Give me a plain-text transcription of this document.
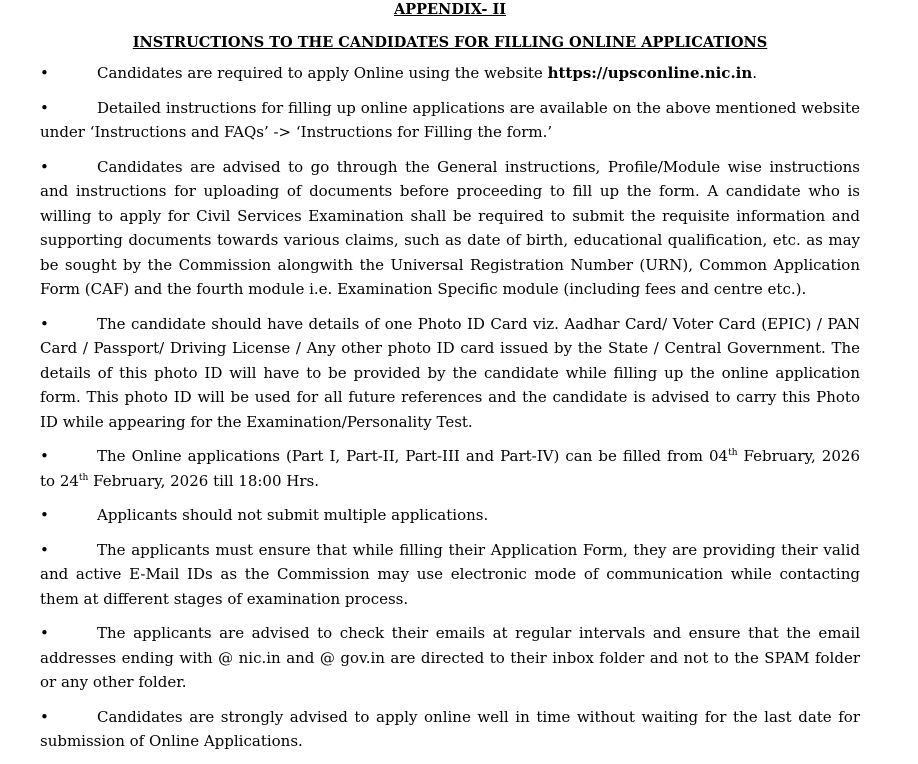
APPENDIX- II

INSTRUCTIONS TO THE CANDIDATES FOR FILLING ONLINE APPLICATIONS

•	Candidates are required to apply Online using the website https://upsconline.nic.in.

•	Detailed instructions for filling up online applications are available on the above mentioned website under ‘Instructions and FAQs’ -> ‘Instructions for Filling the form.’

•	Candidates are advised to go through the General instructions, Profile/Module wise instructions and instructions for uploading of documents before proceeding to fill up the form. A candidate who is willing to apply for Civil Services Examination shall be required to submit the requisite information and supporting documents towards various claims, such as date of birth, educational qualification, etc. as may be sought by the Commission alongwith the Universal Registration Number (URN), Common Application Form (CAF) and the fourth module i.e. Examination Specific module (including fees and centre etc.).

•	The candidate should have details of one Photo ID Card viz. Aadhar Card/ Voter Card (EPIC) / PAN Card / Passport/ Driving License / Any other photo ID card issued by the State / Central Government. The details of this photo ID will have to be provided by the candidate while filling up the online application form. This photo ID will be used for all future references and the candidate is advised to carry this Photo ID while appearing for the Examination/Personality Test.

•	The Online applications (Part I, Part-II, Part-III and Part-IV) can be filled from 04th February, 2026 to 24th February, 2026 till 18:00 Hrs.

•	Applicants should not submit multiple applications.

•	The applicants must ensure that while filling their Application Form, they are providing their valid and active E-Mail IDs as the Commission may use electronic mode of communication while contacting them at different stages of examination process.

•	The applicants are advised to check their emails at regular intervals and ensure that the email addresses ending with @ nic.in and @ gov.in are directed to their inbox folder and not to the SPAM folder or any other folder.

•	Candidates are strongly advised to apply online well in time without waiting for the last date for submission of Online Applications.
